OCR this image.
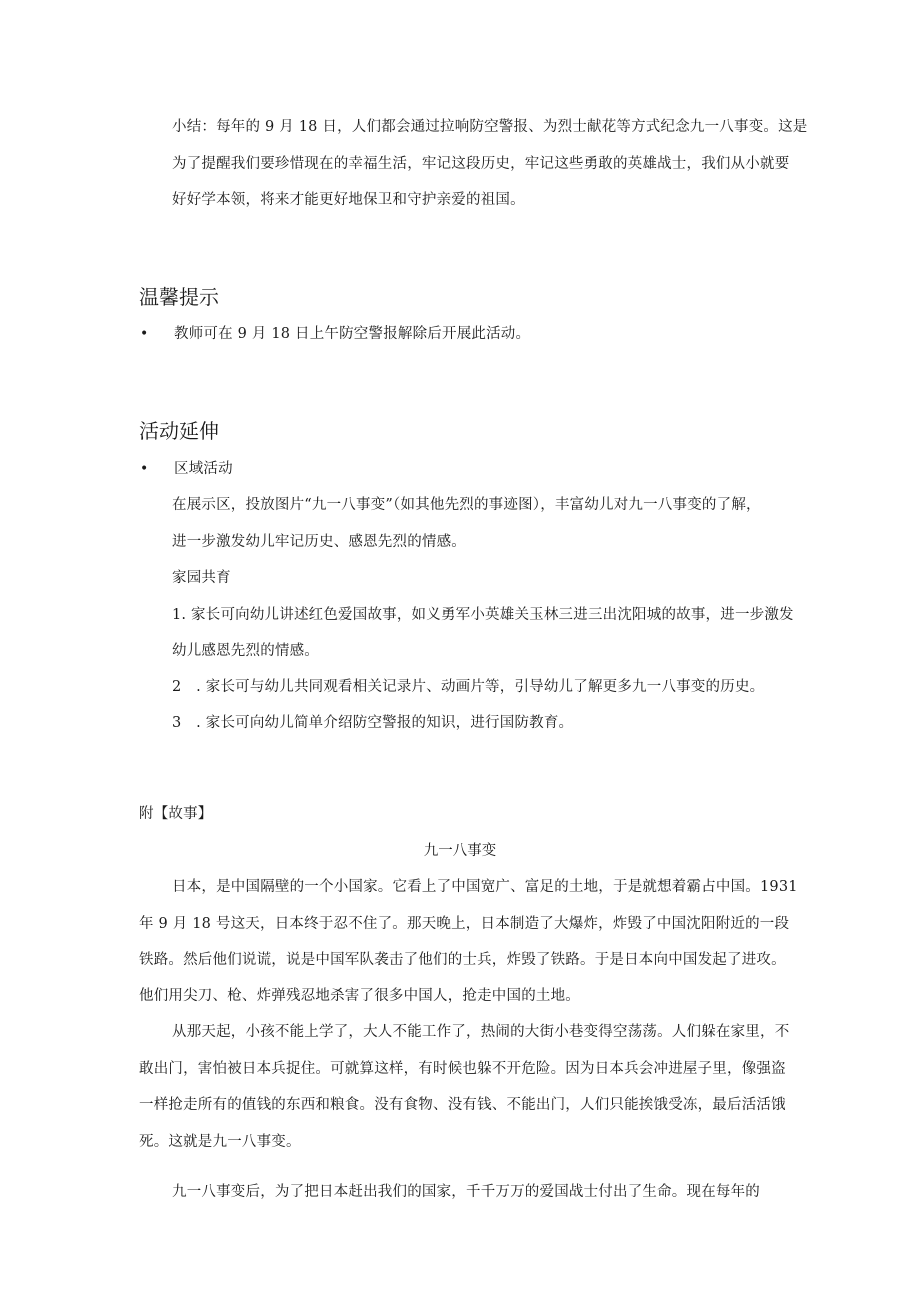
小结：每年的 9 月 18 日，人们都会通过拉响防空警报、为烈士献花等方式纪念九一八事变。这是
为了提醒我们要珍惜现在的幸福生活，牢记这段历史，牢记这些勇敢的英雄战士，我们从小就要
好好学本领，将来才能更好地保卫和守护亲爱的祖国。
温馨提示
• 教师可在 9 月 18 日上午防空警报解除后开展此活动。
活动延伸
• 区域活动
在展示区，投放图片“九一八事变”（如其他先烈的事迹图），丰富幼儿对九一八事变的了解，
进一步激发幼儿牢记历史、感恩先烈的情感。
家园共育
1. 家长可向幼儿讲述红色爱国故事，如义勇军小英雄关玉林三进三出沈阳城的故事，进一步激发
幼儿感恩先烈的情感。
2　. 家长可与幼儿共同观看相关记录片、动画片等，引导幼儿了解更多九一八事变的历史。
3　. 家长可向幼儿简单介绍防空警报的知识，进行国防教育。
附【故事】
九一八事变
日本，是中国隔壁的一个小国家。它看上了中国宽广、富足的土地，于是就想着霸占中国。1931
年 9 月 18 号这天，日本终于忍不住了。那天晚上，日本制造了大爆炸，炸毁了中国沈阳附近的一段
铁路。然后他们说谎，说是中国军队袭击了他们的士兵，炸毁了铁路。于是日本向中国发起了进攻。
他们用尖刀、枪、炸弹残忍地杀害了很多中国人，抢走中国的土地。
从那天起，小孩不能上学了，大人不能工作了，热闹的大街小巷变得空荡荡。人们躲在家里，不
敢出门，害怕被日本兵捉住。可就算这样，有时候也躲不开危险。因为日本兵会冲进屋子里，像强盗
一样抢走所有的值钱的东西和粮食。没有食物、没有钱、不能出门，人们只能挨饿受冻，最后活活饿
死。这就是九一八事变。
九一八事变后，为了把日本赶出我们的国家，千千万万的爱国战士付出了生命。现在每年的
